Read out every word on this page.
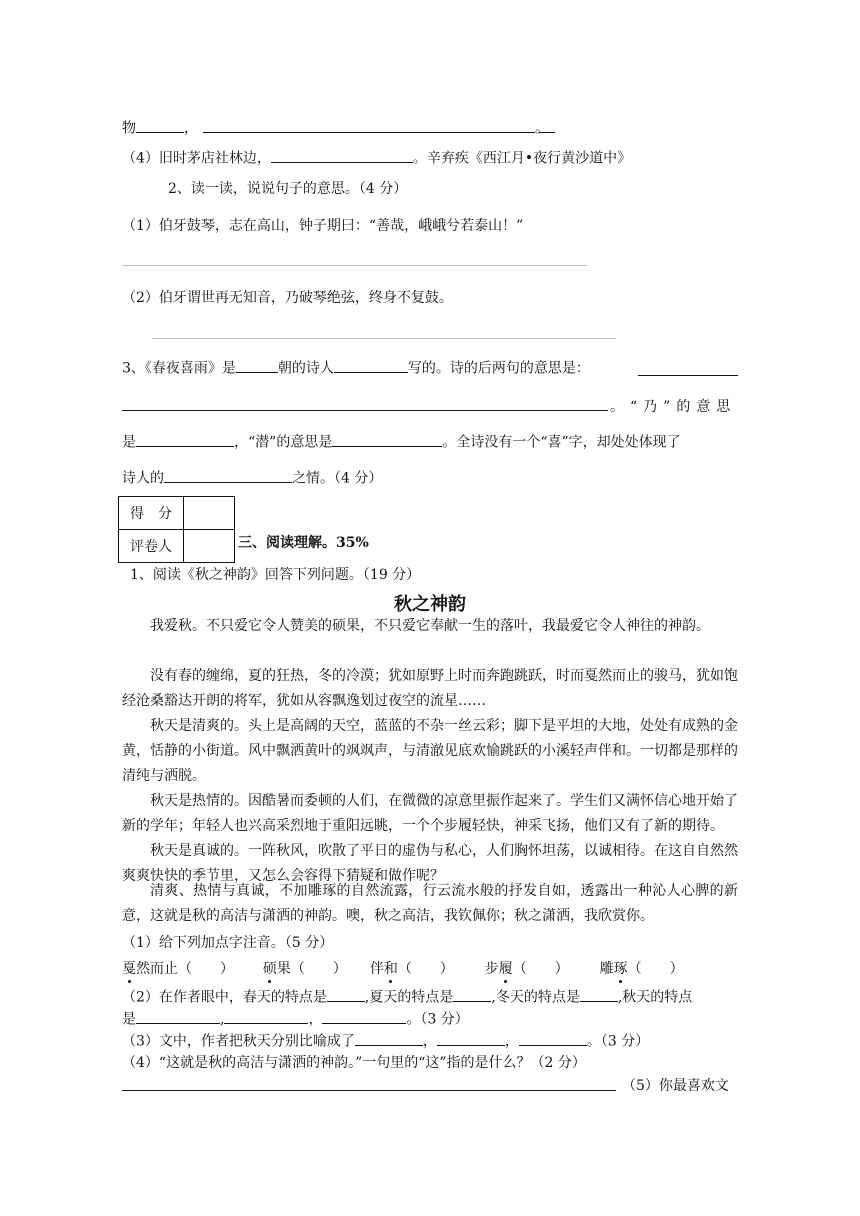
物	，	。
（4）旧时茅店社林边，	。辛弃疾《西江月•夜行黄沙道中》
2、读一读，说说句子的意思。（4 分）
（1）伯牙鼓琴，志在高山，钟子期曰：“善哉，峨峨兮若泰山！”
（2）伯牙谓世再无知音，乃破琴绝弦，终身不复鼓。
3、《春夜喜雨》是	朝的诗人	写的。诗的后两句的意思是：
。“乃”的意思
是	，“潜”的意思是	。全诗没有一个“喜”字，却处处体现了
诗人的	之情。（4 分）
得　分	
评卷人		三、阅读理解。35%
1、阅读《秋之神韵》回答下列问题。（19 分）
秋之神韵
我爱秋。不只爱它令人赞美的硕果，不只爱它奉献一生的落叶，我最爱它令人神往的神韵。
没有春的缠绵，夏的狂热，冬的冷漠；犹如原野上时而奔跑跳跃，时而戛然而止的骏马，犹如饱经沧桑豁达开朗的将军，犹如从容飘逸划过夜空的流星……
秋天是清爽的。头上是高阔的天空，蓝蓝的不杂一丝云彩；脚下是平坦的大地，处处有成熟的金黄，恬静的小街道。风中飘洒黄叶的飒飒声，与清澈见底欢愉跳跃的小溪轻声伴和。一切都是那样的清纯与洒脱。
秋天是热情的。因酷暑而委顿的人们，在微微的凉意里振作起来了。学生们又满怀信心地开始了新的学年；年轻人也兴高采烈地于重阳远眺，一个个步履轻快，神采飞扬，他们又有了新的期待。
秋天是真诚的。一阵秋风，吹散了平日的虚伪与私心，人们胸怀坦荡，以诚相待。在这自自然然爽爽快快的季节里，又怎么会容得下猜疑和做作呢？
清爽、热情与真诚，不加雕琢的自然流露，行云流水般的抒发自如，透露出一种沁人心脾的新意，这就是秋的高洁与潇洒的神韵。噢，秋之高洁，我钦佩你；秋之潇洒，我欣赏你。
（1）给下列加点字注音。（5 分）
戛然而止（　　） 硕果（　　） 伴和（　　） 步履（　　） 雕琢（　　）
（2）在作者眼中，春天的特点是	,夏天的特点是	,冬天的特点是	,秋天的特点
是	,	，	。（3 分）
（3）文中，作者把秋天分别比喻成了	，	，	。（3 分）
（4）“这就是秋的高洁与潇洒的神韵。”一句里的“这”指的是什么？（2 分）
（5）你最喜欢文
